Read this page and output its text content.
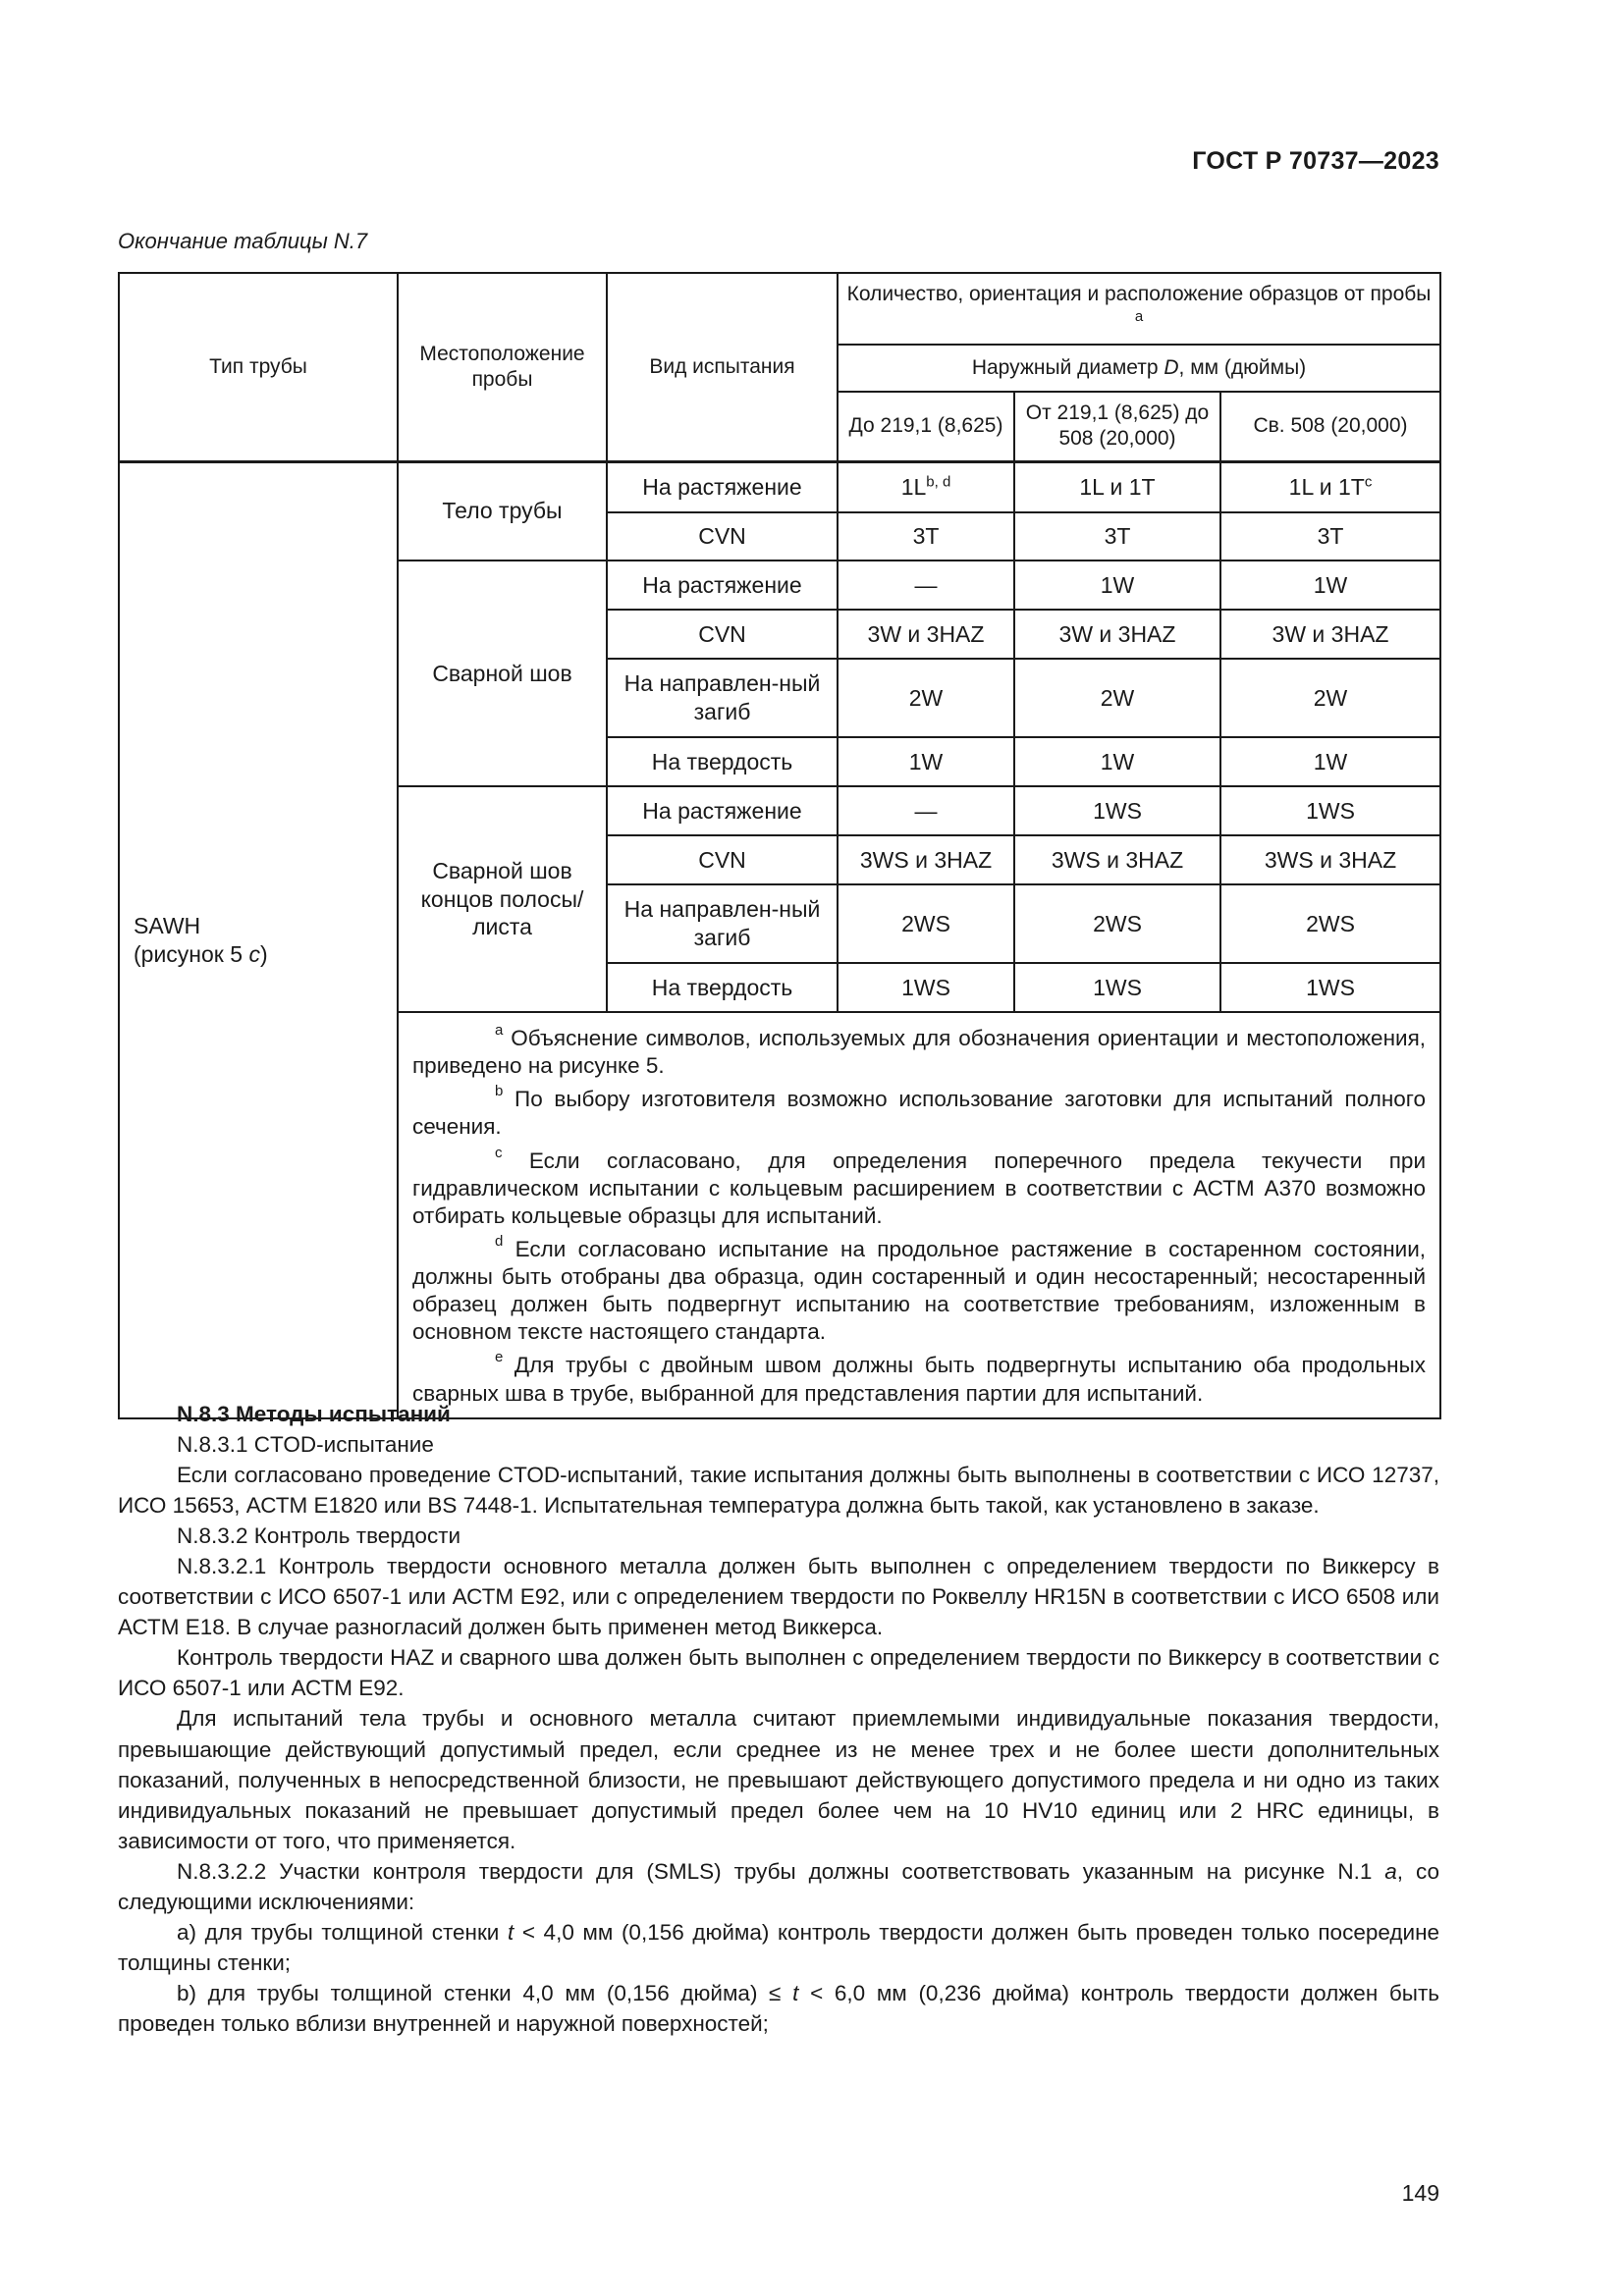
ГОСТ Р 70737—2023
Окончание таблицы N.7
Тип трубы	Местоположение пробы	Вид испытания	Количество, ориентация и расположение образцов от пробы $^a$
			Наружный диаметр D, мм (дюймы)		
			До 219,1 (8,625)	От 219,1 (8,625) до 508 (20,000)	Св. 508 (20,000)
SAWH
(рисунок 5 c)	Тело трубы	На растяжение	$1L^{b, d}$	1L и 1T	1L и $1T^c$
		CVN	3T	3T	3T
	Сварной шов	На растяжение	—	1W	1W
		CVN	3W и 3HAZ	3W и 3HAZ	3W и 3HAZ
		На направлен-ный загиб	2W	2W	2W
		На твердость	1W	1W	1W
	Сварной шов концов полосы/листа	На растяжение	—	1WS	1WS
		CVN	3WS и 3HAZ	3WS и 3HAZ	3WS и 3HAZ
		На направлен-ный загиб	2WS	2WS	2WS
		На твердость	1WS	1WS	1WS

	$^a$ Объяснение символов, используемых для обозначения ориентации и местоположения, приведено на рисунке 5.

$^b$ По выбору изготовителя возможно использование заготовки для испытаний полного сечения.

$^c$ Если согласовано, для определения поперечного предела текучести при гидравлическом испытании с кольцевым расширением в соответствии с АСТМ А370 возможно отбирать кольцевые образцы для испытаний.

$^d$ Если согласовано испытание на продольное растяжение в состаренном состоянии, должны быть отобраны два образца, один состаренный и один несостаренный; несостаренный образец должен быть подвергнут испытанию на соответствие требованиям, изложенным в основном тексте настоящего стандарта.

$^e$ Для трубы с двойным швом должны быть подвергнуты испытанию оба продольных сварных шва в трубе, выбранной для представления партии для испытаний.				

N.8.3 Методы испытаний

N.8.3.1 CTOD-испытание

Если согласовано проведение CTOD-испытаний, такие испытания должны быть выполнены в соответствии с ИСО 12737, ИСО 15653, АСТМ Е1820 или BS 7448-1. Испытательная температура должна быть такой, как установлено в заказе.

N.8.3.2 Контроль твердости

N.8.3.2.1 Контроль твердости основного металла должен быть выполнен с определением твердости по Виккерсу в соответствии с ИСО 6507-1 или АСТМ Е92, или с определением твердости по Роквеллу HR15N в соответствии с ИСО 6508 или АСТМ Е18. В случае разногласий должен быть применен метод Виккерса.

Контроль твердости HAZ и сварного шва должен быть выполнен с определением твердости по Виккерсу в соответствии с ИСО 6507-1 или АСТМ Е92.

Для испытаний тела трубы и основного металла считают приемлемыми индивидуальные показания твердости, превышающие действующий допустимый предел, если среднее из не менее трех и не более шести дополнительных показаний, полученных в непосредственной близости, не превышают действующего допустимого предела и ни одно из таких индивидуальных показаний не превышает допустимый предел более чем на 10 HV10 единиц или 2 HRC единицы, в зависимости от того, что применяется.

N.8.3.2.2 Участки контроля твердости для (SMLS) трубы должны соответствовать указанным на рисунке N.1 a, со следующими исключениями:

a) для трубы толщиной стенки t < 4,0 мм (0,156 дюйма) контроль твердости должен быть проведен только посередине толщины стенки;

b) для трубы толщиной стенки 4,0 мм (0,156 дюйма) ≤ t < 6,0 мм (0,236 дюйма) контроль твердости должен быть проведен только вблизи внутренней и наружной поверхностей;

149
